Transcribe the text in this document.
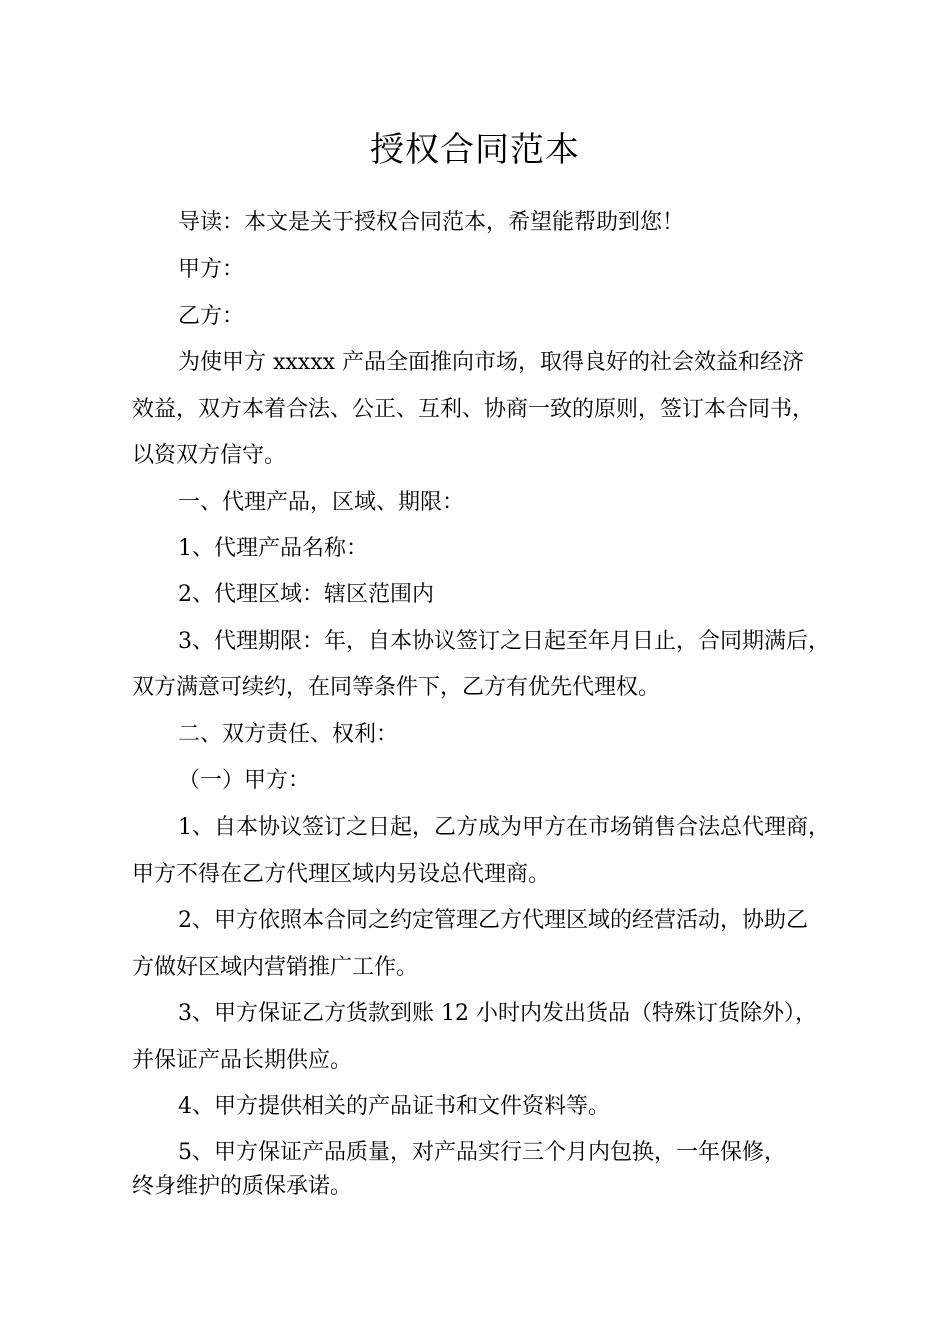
授权合同范本
导读：本文是关于授权合同范本，希望能帮助到您！
甲方：
乙方：
为使甲方 xxxxx 产品全面推向市场，取得良好的社会效益和经济
效益，双方本着合法、公正、互利、协商一致的原则，签订本合同书，
以资双方信守。
一、代理产品，区域、期限：
1、代理产品名称：
2、代理区域：辖区范围内
3、代理期限：年，自本协议签订之日起至年月日止，合同期满后，
双方满意可续约，在同等条件下，乙方有优先代理权。
二、双方责任、权利：
（一）甲方：
1、自本协议签订之日起，乙方成为甲方在市场销售合法总代理商，
甲方不得在乙方代理区域内另设总代理商。
2、甲方依照本合同之约定管理乙方代理区域的经营活动，协助乙
方做好区域内营销推广工作。
3、甲方保证乙方货款到账 12 小时内发出货品（特殊订货除外），
并保证产品长期供应。
4、甲方提供相关的产品证书和文件资料等。
5、甲方保证产品质量，对产品实行三个月内包换，一年保修，
终身维护的质保承诺。
